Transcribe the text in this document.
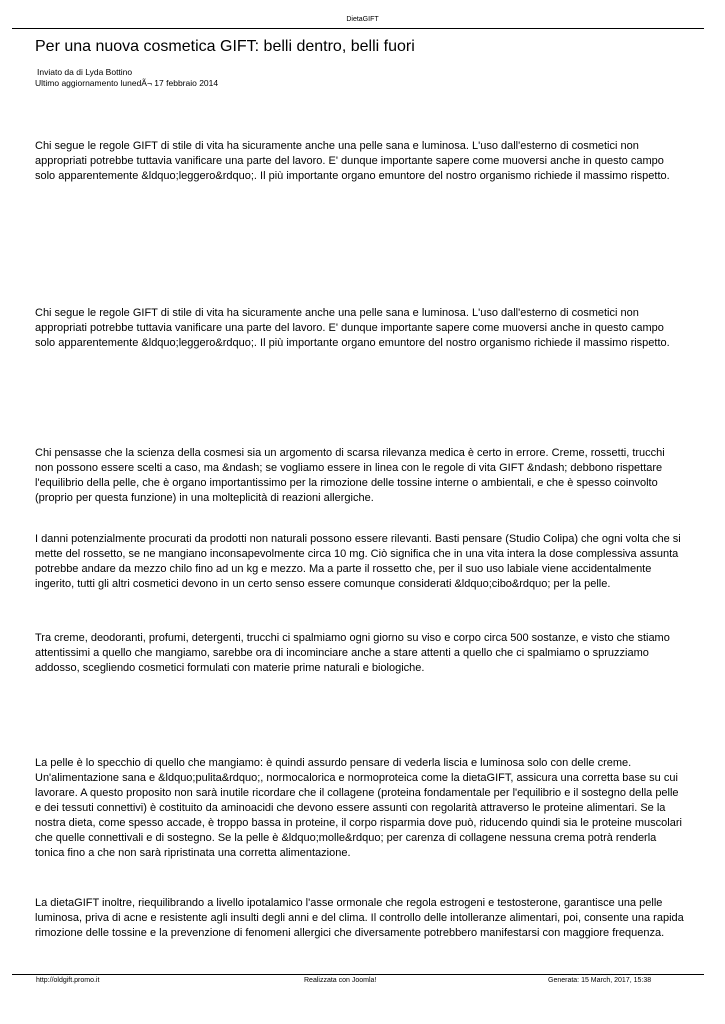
DietaGIFT
Per una nuova cosmetica GIFT: belli dentro, belli fuori
Inviato da di Lyda Bottino
Ultimo aggiornamento lunedÃ¬ 17 febbraio 2014

Chi segue le regole GIFT di stile di vita ha sicuramente anche una pelle sana e luminosa. L'uso dall'esterno di cosmetici non appropriati potrebbe tuttavia vanificare una parte del lavoro. E' dunque importante sapere come muoversi anche in questo campo solo apparentemente &ldquo;leggero&rdquo;. Il più importante organo emuntore del nostro organismo richiede il massimo rispetto.

Chi segue le regole GIFT di stile di vita ha sicuramente anche una pelle sana e luminosa. L'uso dall'esterno di cosmetici non appropriati potrebbe tuttavia vanificare una parte del lavoro. E' dunque importante sapere come muoversi anche in questo campo solo apparentemente &ldquo;leggero&rdquo;. Il più importante organo emuntore del nostro organismo richiede il massimo rispetto.

Chi pensasse che la scienza della cosmesi sia un argomento di scarsa rilevanza medica è certo in errore. Creme, rossetti, trucchi non possono essere scelti a caso, ma &ndash; se vogliamo essere in linea con le regole di vita GIFT &ndash; debbono rispettare l'equilibrio della pelle, che è organo importantissimo per la rimozione delle tossine interne o ambientali, e che è spesso coinvolto (proprio per questa funzione) in una molteplicità di reazioni allergiche.

I danni potenzialmente procurati da prodotti non naturali possono essere rilevanti. Basti pensare (Studio Colipa) che ogni volta che si mette del rossetto, se ne mangiano inconsapevolmente circa 10 mg. Ciò significa che in una vita intera la dose complessiva assunta potrebbe andare da mezzo chilo fino ad un kg e mezzo. Ma a parte il rossetto che, per il suo uso labiale viene accidentalmente ingerito, tutti gli altri cosmetici devono in un certo senso essere comunque considerati &ldquo;cibo&rdquo; per la pelle.

Tra creme, deodoranti, profumi, detergenti, trucchi ci spalmiamo ogni giorno su viso e corpo circa 500 sostanze, e visto che stiamo attentissimi a quello che mangiamo, sarebbe ora di incominciare anche a stare attenti a quello che ci spalmiamo o spruzziamo addosso, scegliendo cosmetici formulati con materie prime naturali e biologiche.

La pelle è lo specchio di quello che mangiamo: è quindi assurdo pensare di vederla liscia e luminosa solo con delle creme. Un'alimentazione sana e &ldquo;pulita&rdquo;, normocalorica e normoproteica come la dietaGIFT, assicura una corretta base su cui lavorare. A questo proposito non sarà inutile ricordare che il collagene (proteina fondamentale per l'equilibrio e il sostegno della pelle e dei tessuti connettivi) è costituito da aminoacidi che devono essere assunti con regolarità attraverso le proteine alimentari. Se la nostra dieta, come spesso accade, è troppo bassa in proteine, il corpo risparmia dove può, riducendo quindi sia le proteine muscolari che quelle connettivali e di sostegno. Se la pelle è &ldquo;molle&rdquo; per carenza di collagene nessuna crema potrà renderla tonica fino a che non sarà ripristinata una corretta alimentazione.

La dietaGIFT inoltre, riequilibrando a livello ipotalamico l'asse ormonale che regola estrogeni e testosterone, garantisce una pelle luminosa, priva di acne e resistente agli insulti degli anni e del clima. Il controllo delle intolleranze alimentari, poi, consente una rapida rimozione delle tossine e la prevenzione di fenomeni allergici che diversamente potrebbero manifestarsi con maggiore frequenza.

http://oldgift.promo.it	Realizzata con Joomla!	Generata: 15 March, 2017, 15:38
